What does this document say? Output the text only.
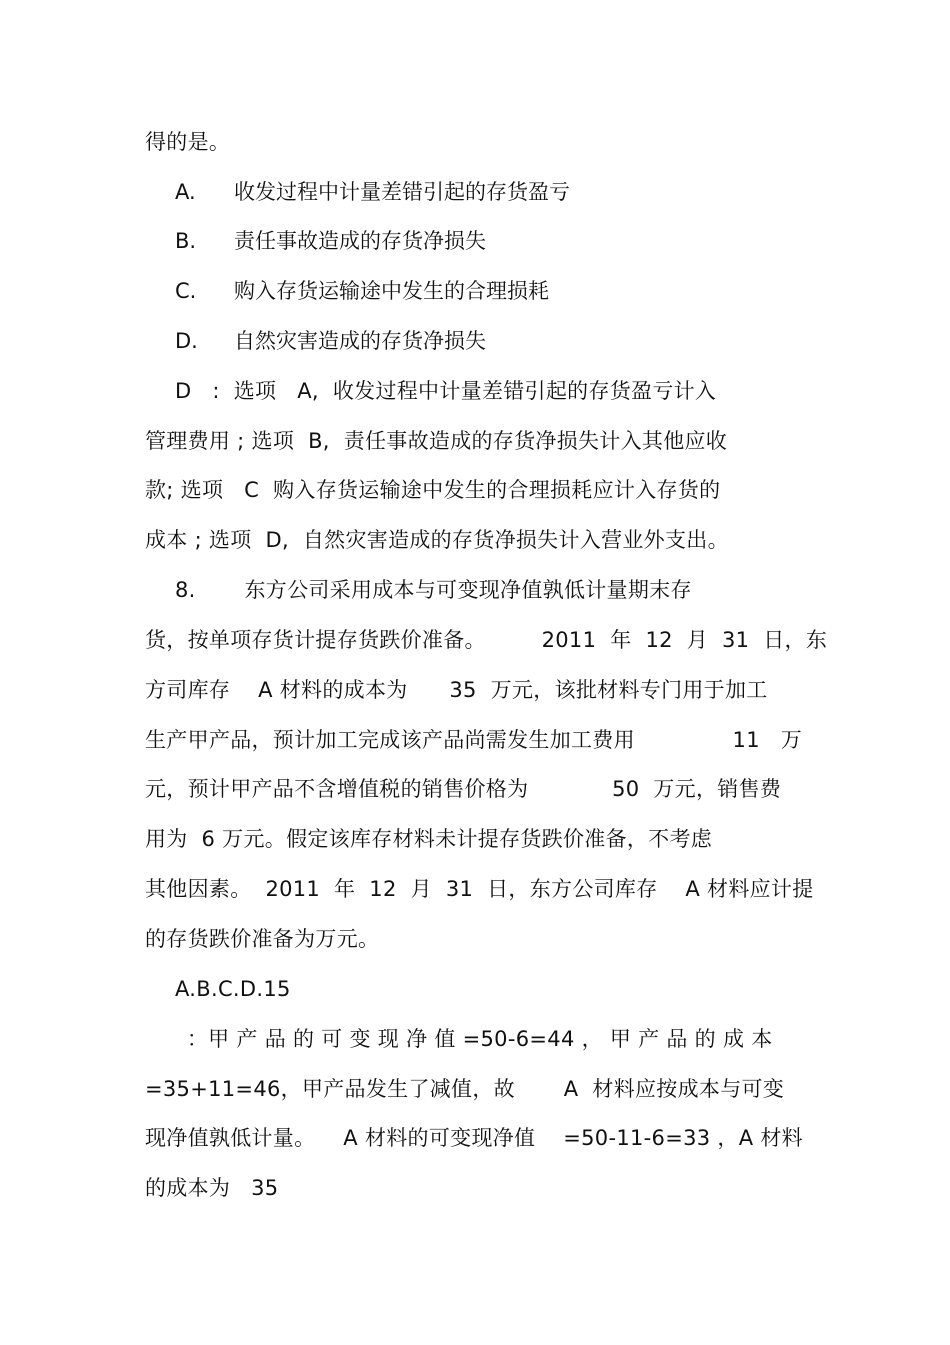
得的是。
A. 收发过程中计量差错引起的存货盈亏
B. 责任事故造成的存货净损失
C. 购入存货运输途中发生的合理损耗
D. 自然灾害造成的存货净损失
D   :  选项   A,  收发过程中计量差错引起的存货盈亏计入
管理费用 ; 选项  B,  责任事故造成的存货净损失计入其他应收
款; 选项   C  购入存货运输途中发生的合理损耗应计入存货的
成本 ; 选项  D,  自然灾害造成的存货净损失计入营业外支出。
8.       东方公司采用成本与可变现净值孰低计量期末存
货，按单项存货计提存货跌价准备。        2011  年  12  月  31  日，东
方司库存    A 材料的成本为      35  万元，该批材料专门用于加工
生产甲产品，预计加工完成该产品尚需发生加工费用              11   万
元，预计甲产品不含增值税的销售价格为            50  万元，销售费
用为  6 万元。假定该库存材料未计提存货跌价准备，不考虑
其他因素。  2011  年  12  月  31  日，东方公司库存    A 材料应计提
的存货跌价准备为万元。
A.B.C.D.15
：甲 产 品 的 可 变 现 净 值 =50-6=44 ， 甲 产 品 的 成 本
=35+11=46，甲产品发生了减值，故       A  材料应按成本与可变
现净值孰低计量。    A 材料的可变现净值    =50-11-6=33 ，A 材料
的成本为   35
